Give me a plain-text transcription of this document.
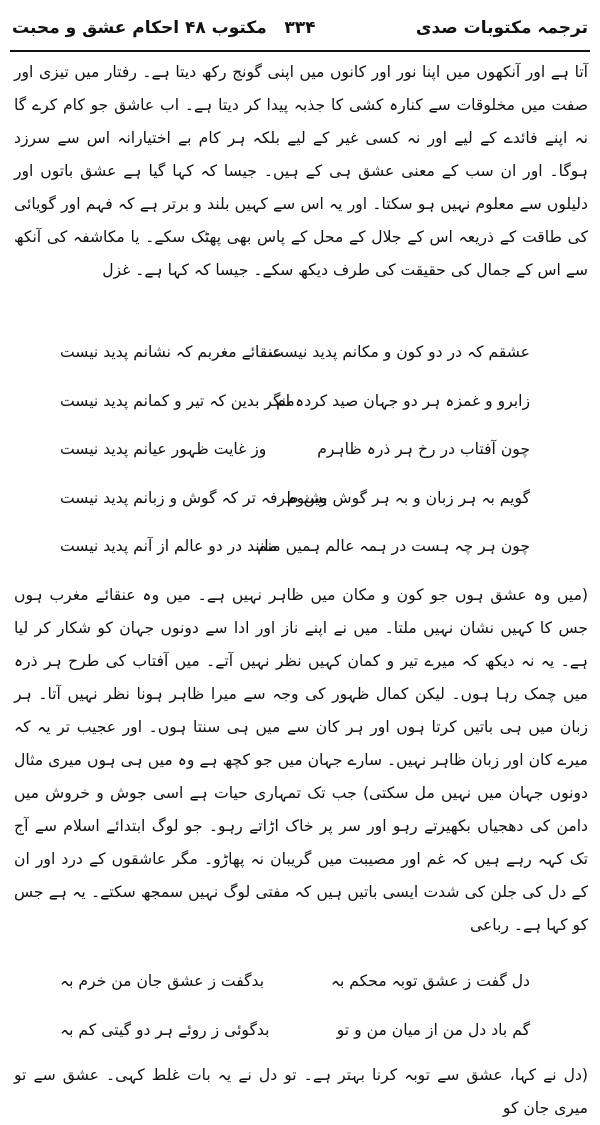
ترجمہ مکتوبات صدی
۳۳۴
مکتوب ۴۸ احکام عشق و محبت
آتا ہے اور آنکھوں میں اپنا نور اور کانوں میں اپنی گونج رکھ دیتا ہے۔ رفتار میں تیزی اور صفت میں مخلوقات سے کنارہ کشی کا جذبہ پیدا کر دیتا ہے۔ اب عاشق جو کام کرے گا نہ اپنے فائدے کے لیے اور نہ کسی غیر کے لیے بلکہ ہر کام بے اختیارانہ اس سے سرزد ہوگا۔ اور ان سب کے معنی عشق ہی کے ہیں۔ جیسا کہ کہا گیا ہے عشق باتوں اور دلیلوں سے معلوم نہیں ہو سکتا۔ اور یہ اس سے کہیں بلند و برتر ہے کہ فہم اور گویائی کی طاقت کے ذریعہ اس کے جلال کے محل کے پاس بھی پھٹک سکے۔ یا مکاشفہ کی آنکھ سے اس کے جمال کی حقیقت کی طرف دیکھ سکے۔ جیسا کہ کہا ہے۔ غزل
عشقم کہ در دو کون و مکانم پدید نیست
عنقائے مغربم کہ نشانم پدید نیست
زابرو و غمزہ ہر دو جہان صید کردہ ام
منگر بدین کہ تیر و کمانم پدید نیست
چون آفتاب در رخ ہر ذرہ ظاہرم
وز غایت ظہور عیانم پدید نیست
گویم بہ ہر زبان و بہ ہر گوش بشنوم
وین طرفہ تر کہ گوش و زبانم پدید نیست
چون ہر چہ ہست در ہمہ عالم ہمیں منم
مانند در دو عالم از آنم پدید نیست
(میں وہ عشق ہوں جو کون و مکان میں ظاہر نہیں ہے۔ میں وہ عنقائے مغرب ہوں جس کا کہیں نشان نہیں ملتا۔ میں نے اپنے ناز اور ادا سے دونوں جہان کو شکار کر لیا ہے۔ یہ نہ دیکھ کہ میرے تیر و کمان کہیں نظر نہیں آتے۔ میں آفتاب کی طرح ہر ذرہ میں چمک رہا ہوں۔ لیکن کمال ظہور کی وجہ سے میرا ظاہر ہونا نظر نہیں آتا۔ ہر زبان میں ہی باتیں کرتا ہوں اور ہر کان سے میں ہی سنتا ہوں۔ اور عجیب تر یہ کہ میرے کان اور زبان ظاہر نہیں۔ سارے جہان میں جو کچھ ہے وہ میں ہی ہوں میری مثال دونوں جہان میں نہیں مل سکتی) جب تک تمہاری حیات ہے اسی جوش و خروش میں دامن کی دھجیاں بکھیرتے رہو اور سر پر خاک اڑاتے رہو۔ جو لوگ ابتدائے اسلام سے آج تک کہہ رہے ہیں کہ غم اور مصیبت میں گریبان نہ پھاڑو۔ مگر عاشقوں کے درد اور ان کے دل کی جلن کی شدت ایسی باتیں ہیں کہ مفتی لوگ نہیں سمجھ سکتے۔ یہ ہے جس کو کہا ہے۔ رباعی
دل گفت ز عشق توبہ محکم بہ
بدگفت ز عشق جان من خرم بہ
گم باد دل من از میان من و تو
بدگوئی ز روئے ہر دو گیتی کم بہ
(دل نے کہا، عشق سے توبہ کرنا بہتر ہے۔ تو دل نے یہ بات غلط کہی۔ عشق سے تو میری جان کو
